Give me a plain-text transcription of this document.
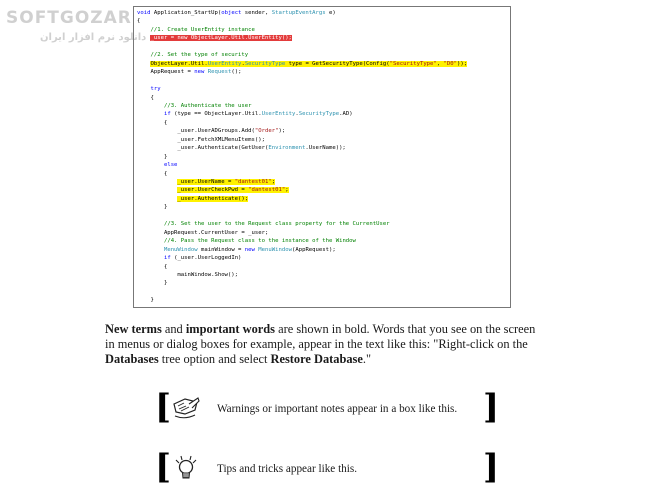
void Application_StartUp(object sender, StartupEventArgs e)
{
//1. Create UserEntity instance
_user = new ObjectLayer.Util.UserEntity();
//2. Set the type of security
ObjectLayer.Util.UserEntity.SecurityType type = GetSecurityType(Config("SecurityType", "D0"));
AppRequest = new Request();
try
{
//3. Authenticate the user
if (type == ObjectLayer.Util.UserEntity.SecurityType.AD)
{
_user.UserADGroups.Add("Order");
_user.FetchXMLMenuItems();
_user.Authenticate(GetUser(Environment.UserName));
}
else
{
_user.UserName = "dantest01";
_user.UserCheckPwd = "dantest01";
_user.Authenticate();
}
//3. Set the user to the Request class property for the CurrentUser
AppRequest.CurrentUser = _user;
//4. Pass the Request class to the instance of the Window
MenuWindow mainWindow = new MenuWindow(AppRequest);
if (_user.UserLoggedIn)
{
mainWindow.Show();
}
}
SOFTGOZAR
دانلود نرم افزار ایران
New terms and important words are shown in bold. Words that you see on the screen in menus or dialog boxes for example, appear in the text like this: "Right-click on the Databases tree option and select Restore Database."
[	Warnings or important notes appear in a box like this. ]
[	Tips and tricks appear like this.	]
